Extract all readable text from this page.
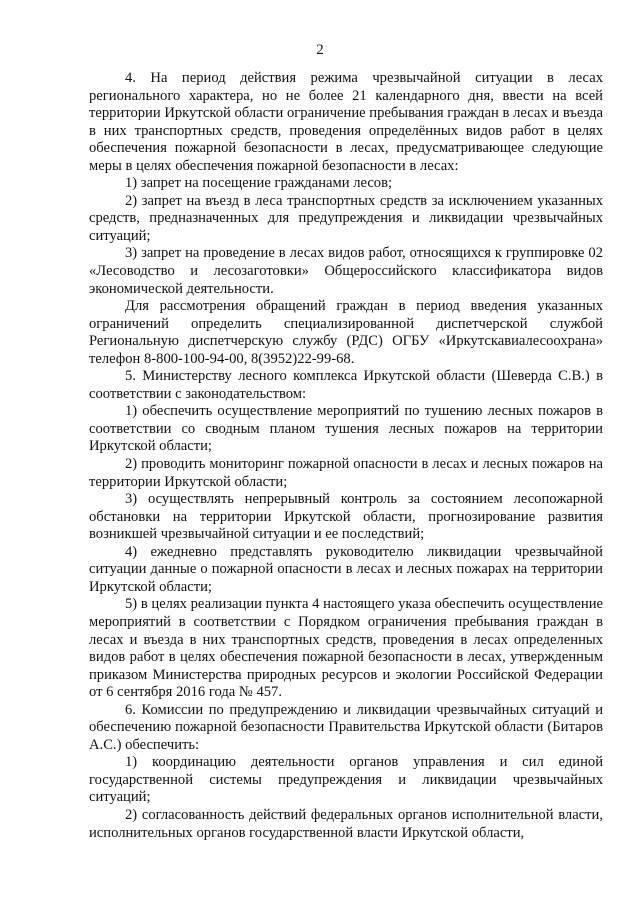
2

4. На период действия режима чрезвычайной ситуации в лесах регионального характера, но не более 21 календарного дня, ввести на всей территории Иркутской области ограничение пребывания граждан в лесах и въезда в них транспортных средств, проведения определённых видов работ в целях обеспечения пожарной безопасности в лесах, предусматривающее следующие меры в целях обеспечения пожарной безопасности в лесах:

1) запрет на посещение гражданами лесов;

2) запрет на въезд в леса транспортных средств за исключением указанных средств, предназначенных для предупреждения и ликвидации чрезвычайных ситуаций;

3) запрет на проведение в лесах видов работ, относящихся к группировке 02 «Лесоводство и лесозаготовки» Общероссийского классификатора видов экономической деятельности.

Для рассмотрения обращений граждан в период введения указанных ограничений определить специализированной диспетчерской службой Региональную диспетчерскую службу (РДС) ОГБУ «Иркутскавиалесоохрана» телефон 8-800-100-94-00, 8(3952)22-99-68.

5. Министерству лесного комплекса Иркутской области (Шеверда С.В.) в соответствии с законодательством:

1) обеспечить осуществление мероприятий по тушению лесных пожаров в соответствии со сводным планом тушения лесных пожаров на территории Иркутской области;

2) проводить мониторинг пожарной опасности в лесах и лесных пожаров на территории Иркутской области;

3) осуществлять непрерывный контроль за состоянием лесопожарной обстановки на территории Иркутской области, прогнозирование развития возникшей чрезвычайной ситуации и ее последствий;

4) ежедневно представлять руководителю ликвидации чрезвычайной ситуации данные о пожарной опасности в лесах и лесных пожарах на территории Иркутской области;

5) в целях реализации пункта 4 настоящего указа обеспечить осуществление мероприятий в соответствии с Порядком ограничения пребывания граждан в лесах и въезда в них транспортных средств, проведения в лесах определенных видов работ в целях обеспечения пожарной безопасности в лесах, утвержденным приказом Министерства природных ресурсов и экологии Российской Федерации от 6 сентября 2016 года № 457.

6. Комиссии по предупреждению и ликвидации чрезвычайных ситуаций и обеспечению пожарной безопасности Правительства Иркутской области (Битаров А.С.) обеспечить:

1) координацию деятельности органов управления и сил единой государственной системы предупреждения и ликвидации чрезвычайных ситуаций;

2) согласованность действий федеральных органов исполнительной власти, исполнительных органов государственной власти Иркутской области,
